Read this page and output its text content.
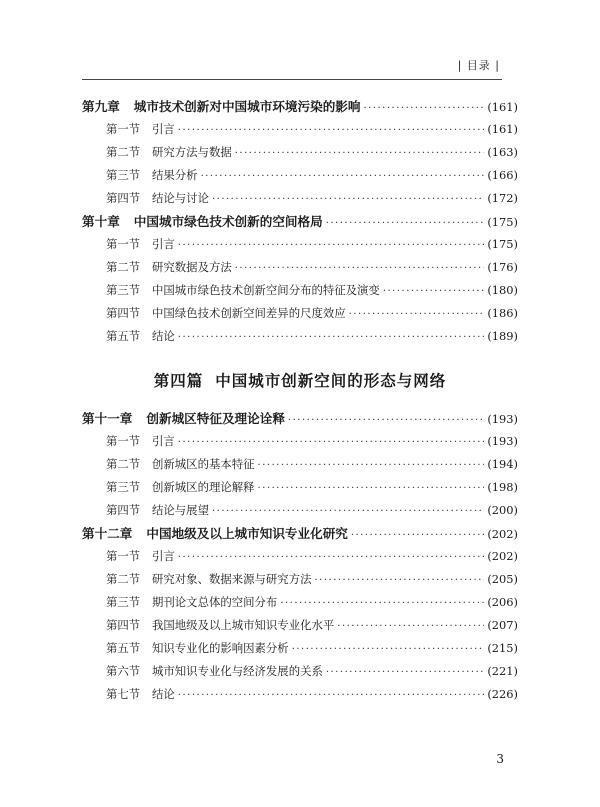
| 目录 |
第九章 城市技术创新对中国城市环境污染的影响 ·····	(161)
第一节	引言 ·····	(161)
第二节	研究方法与数据 ·····	(163)
第三节	结果分析 ·····	(166)
第四节	结论与讨论 ·····	(172)
第十章 中国城市绿色技术创新的空间格局 ·····	(175)
第一节	引言 ·····	(175)
第二节	研究数据及方法 ·····	(176)
第三节	中国城市绿色技术创新空间分布的特征及演变 ·····	(180)
第四节	中国绿色技术创新空间差异的尺度效应 ·····	(186)
第五节	结论 ·····	(189)
第四篇 中国城市创新空间的形态与网络
第十一章 创新城区特征及理论诠释 ·····	(193)
第一节	引言 ·····	(193)
第二节	创新城区的基本特征 ·····	(194)
第三节	创新城区的理论解释 ·····	(198)
第四节	结论与展望 ·····	(200)
第十二章 中国地级及以上城市知识专业化研究 ·····	(202)
第一节	引言 ·····	(202)
第二节	研究对象、数据来源与研究方法 ·····	(205)
第三节	期刊论文总体的空间分布 ·····	(206)
第四节	我国地级及以上城市知识专业化水平 ·····	(207)
第五节	知识专业化的影响因素分析 ·····	(215)
第六节	城市知识专业化与经济发展的关系 ·····	(221)
第七节	结论 ·····	(226)
3
